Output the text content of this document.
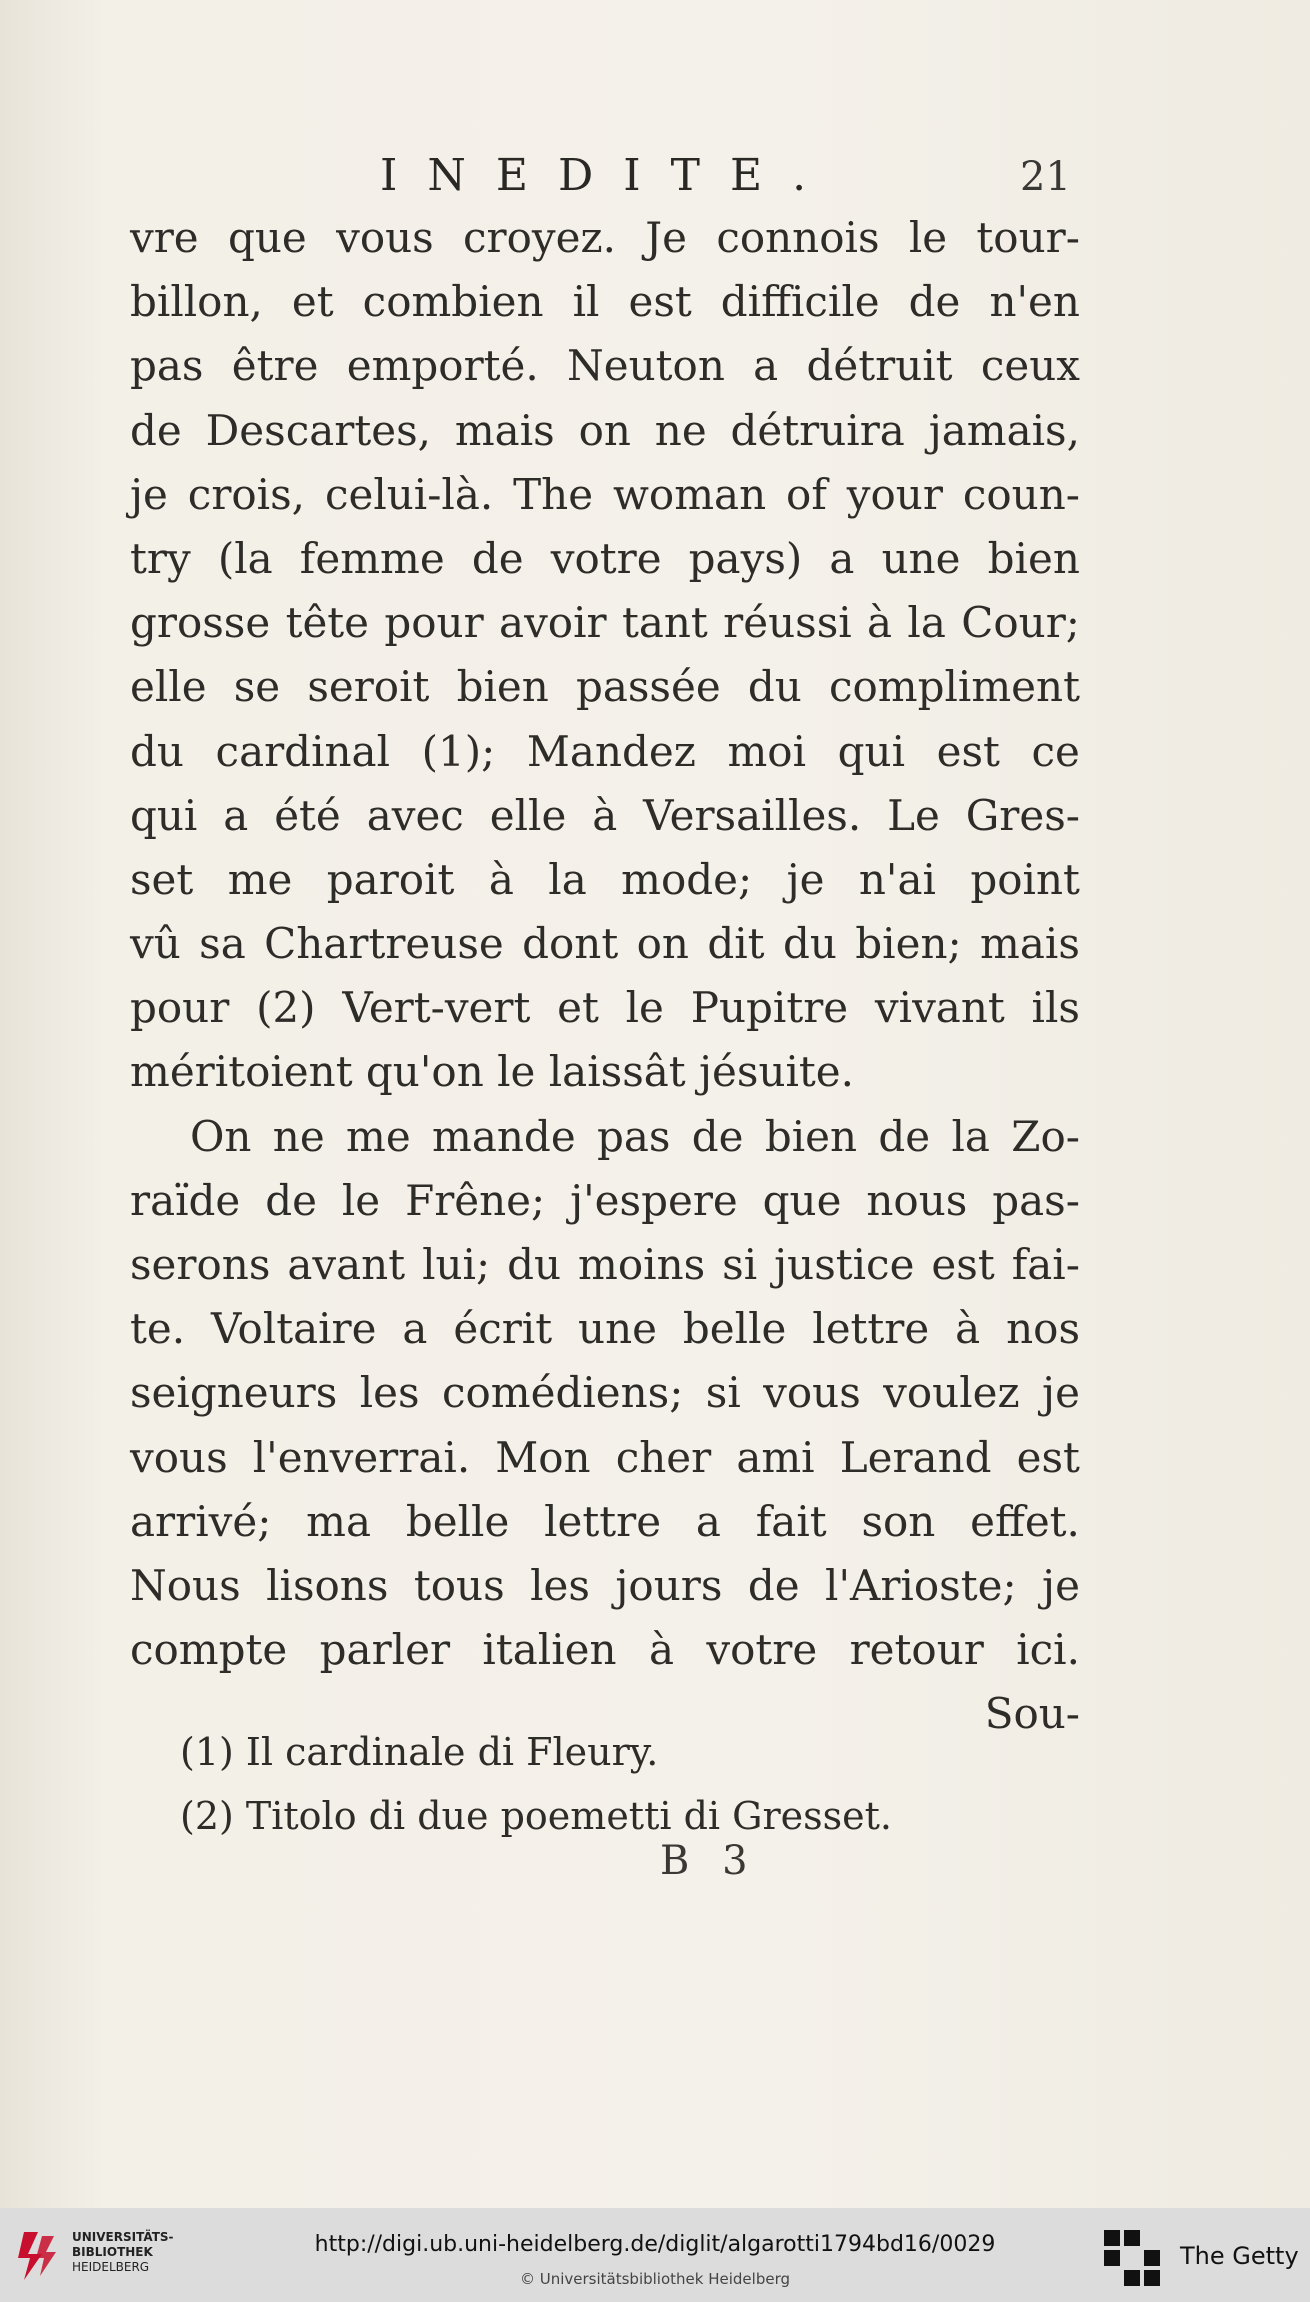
INEDITE.	21
vre que vous croyez. Je connois le tour-
billon, et combien il est difficile de n'en
pas être emporté. Neuton a détruit ceux
de Descartes, mais on ne détruira jamais,
je crois, celui-là. The woman of your coun-
try (la femme de votre pays) a une bien
grosse tête pour avoir tant réussi à la Cour;
elle se seroit bien passée du compliment
du cardinal (1); Mandez moi qui est ce
qui a été avec elle à Versailles. Le Gres-
set me paroit à la mode; je n'ai point
vû sa Chartreuse dont on dit du bien; mais
pour (2) Vert-vert et le Pupitre vivant ils
méritoient qu'on le laissât jésuite.
On ne me mande pas de bien de la Zo-
raïde de le Frêne; j'espere que nous pas-
serons avant lui; du moins si justice est fai-
te. Voltaire a écrit une belle lettre à nos
seigneurs les comédiens; si vous voulez je
vous l'enverrai. Mon cher ami Lerand est
arrivé; ma belle lettre a fait son effet.
Nous lisons tous les jours de l'Arioste; je
compte parler italien à votre retour ici.
Sou-
(1) Il cardinale di Fleury.
(2) Titolo di due poemetti di Gresset.
B 3
UNIVERSITÄTS-
BIBLIOTHEK
HEIDELBERG
http://digi.ub.uni-heidelberg.de/diglit/algarotti1794bd16/0029
© Universitätsbibliothek Heidelberg
The Getty
